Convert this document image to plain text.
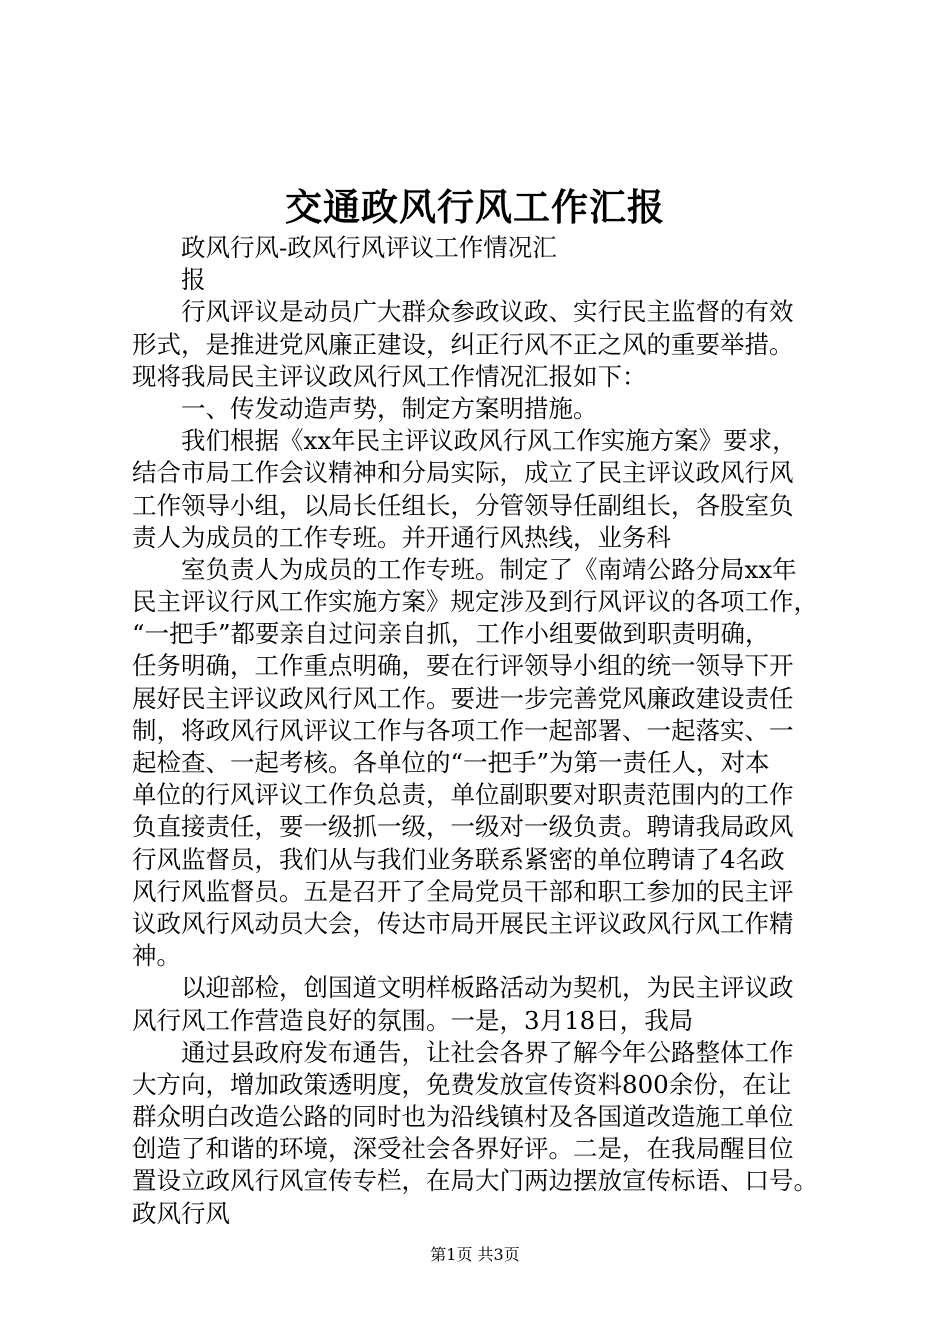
交通政风行风工作汇报
政风行风-政风行风评议工作情况汇
报
行风评议是动员广大群众参政议政、实行民主监督的有效
形式，是推进党风廉正建设，纠正行风不正之风的重要举措。
现将我局民主评议政风行风工作情况汇报如下：
一、传发动造声势，制定方案明措施。
我们根据《xx年民主评议政风行风工作实施方案》要求，
结合市局工作会议精神和分局实际，成立了民主评议政风行风
工作领导小组，以局长任组长，分管领导任副组长，各股室负
责人为成员的工作专班。并开通行风热线，业务科
室负责人为成员的工作专班。制定了《南靖公路分局xx年
民主评议行风工作实施方案》规定涉及到行风评议的各项工作，
“一把手”都要亲自过问亲自抓，工作小组要做到职责明确，
任务明确，工作重点明确，要在行评领导小组的统一领导下开
展好民主评议政风行风工作。要进一步完善党风廉政建设责任
制，将政风行风评议工作与各项工作一起部署、一起落实、一
起检查、一起考核。各单位的“一把手”为第一责任人，对本
单位的行风评议工作负总责，单位副职要对职责范围内的工作
负直接责任，要一级抓一级，一级对一级负责。聘请我局政风
行风监督员，我们从与我们业务联系紧密的单位聘请了4名政
风行风监督员。五是召开了全局党员干部和职工参加的民主评
议政风行风动员大会，传达市局开展民主评议政风行风工作精
神。
以迎部检，创国道文明样板路活动为契机，为民主评议政
风行风工作营造良好的氛围。一是，3月18日，我局
通过县政府发布通告，让社会各界了解今年公路整体工作
大方向，增加政策透明度，免费发放宣传资料800余份，在让
群众明白改造公路的同时也为沿线镇村及各国道改造施工单位
创造了和谐的环境，深受社会各界好评。二是，在我局醒目位
置设立政风行风宣传专栏，在局大门两边摆放宣传标语、口号。
政风行风
第1页 共3页
